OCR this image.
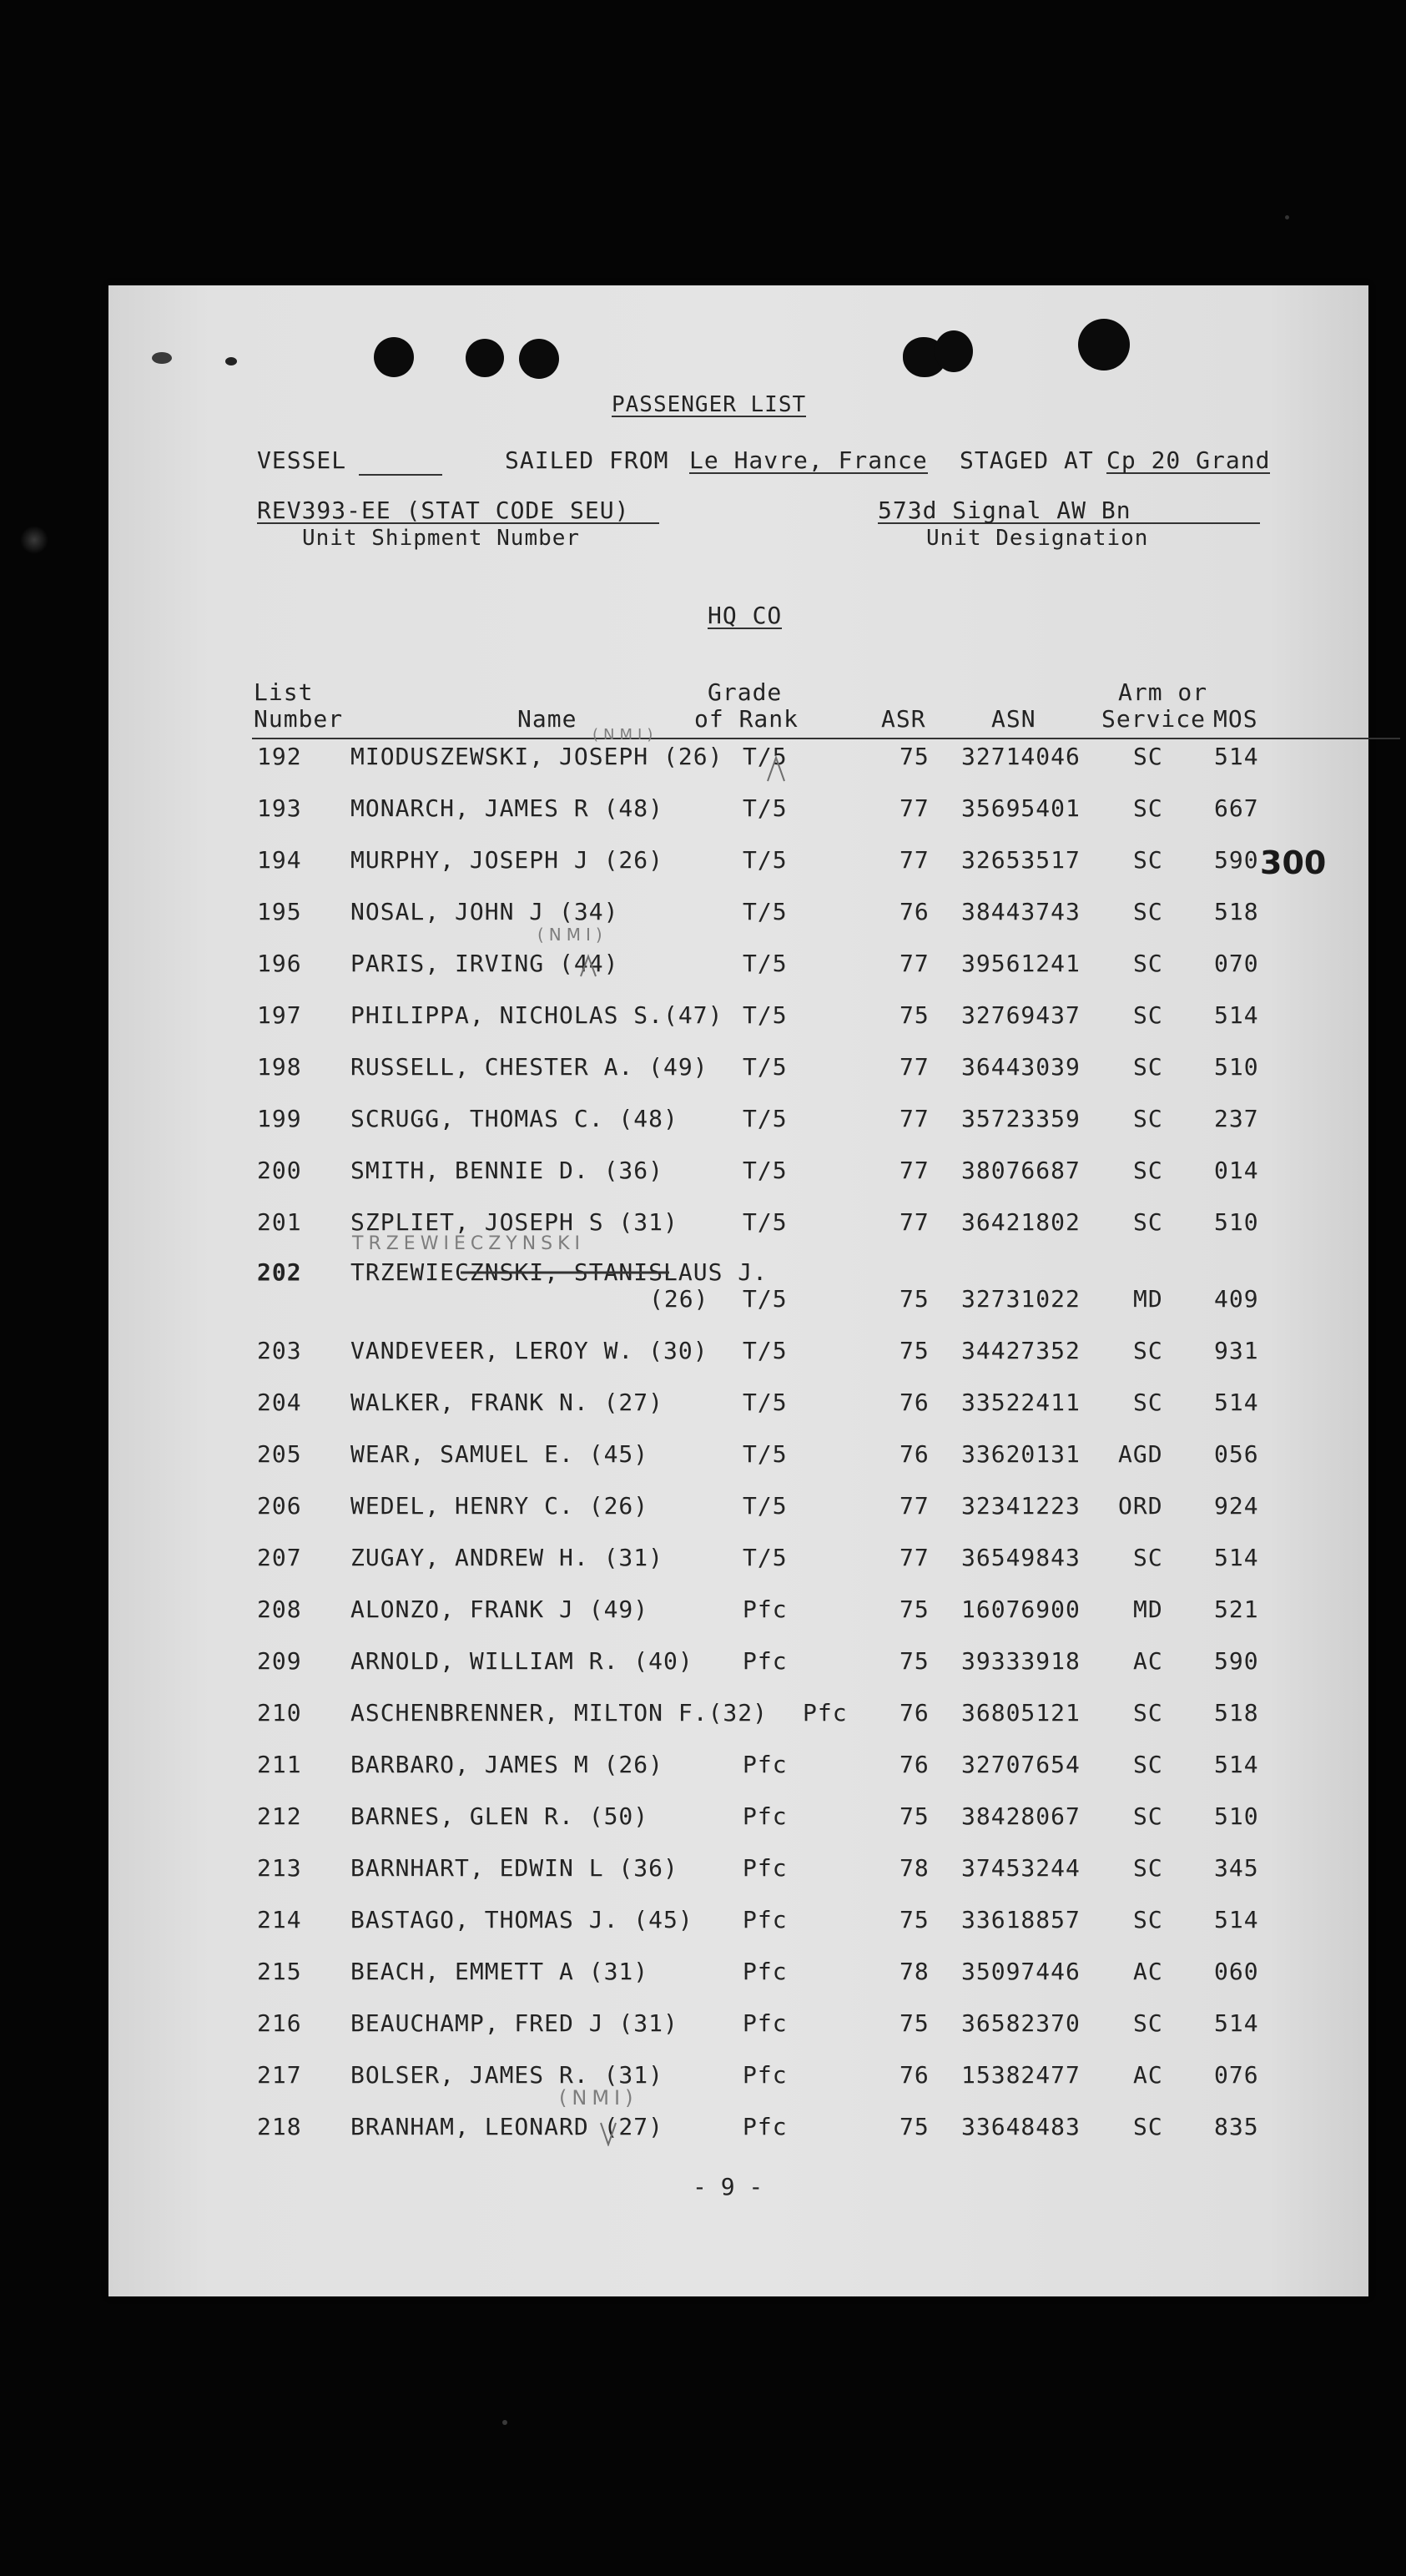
PASSENGER LIST
VESSEL	SAILED FROM Le Havre, France STAGED AT Cp 20 Grand
REV393-EE (STAT CODE SEU)
Unit Shipment Number
573d Signal AW Bn
Unit Designation
HQ CO
List
Number	Name
Grade
of Rank	ASR	ASN
Arm or
Service MOS
192 MIODUSZEWSKI, JOSEPH (26) T/5	75 32714046 SC 514
193 MONARCH, JAMES R (48)	T/5	77 35695401 SC 667
194 MURPHY, JOSEPH J (26)	T/5	77 32653517 SC 590
195 NOSAL, JOHN J (34)	T/5	76 38443743 SC 518
196 PARIS, IRVING (44)	T/5	77 39561241 SC 070
197 PHILIPPA, NICHOLAS S.(47) T/5	75 32769437 SC 514
198 RUSSELL, CHESTER A. (49) T/5	77 36443039 SC 510
199 SCRUGG, THOMAS C. (48)	T/5	77 35723359 SC 237
200 SMITH, BENNIE D. (36)	T/5	77 38076687 SC 014
201 SZPLIET, JOSEPH S (31)	T/5	77 36421802 SC 510
202 TRZEWIECZNSKI, STANISLAUS J.
(26) T/5	75 32731022 MD 409
203 VANDEVEER, LEROY W. (30) T/5	75 34427352 SC 931
204 WALKER, FRANK N. (27)	T/5	76 33522411 SC 514
205 WEAR, SAMUEL E. (45)	T/5	76 33620131 AGD 056
206 WEDEL, HENRY C. (26)	T/5	77 32341223 ORD 924
207 ZUGAY, ANDREW H. (31)	T/5	77 36549843 SC 514
208 ALONZO, FRANK J (49)	Pfc	75 16076900 MD 521
209 ARNOLD, WILLIAM R. (40) Pfc	75 39333918 AC 590
210 ASCHENBRENNER, MILTON F.(32) Pfc 76 36805121 SC 518
211 BARBARO, JAMES M (26)	Pfc	76 32707654 SC 514
212 BARNES, GLEN R. (50)	Pfc	75 38428067 SC 510
213 BARNHART, EDWIN L (36)	Pfc	78 37453244 SC 345
214 BASTAGO, THOMAS J. (45) Pfc	75 33618857 SC 514
215 BEACH, EMMETT A (31)	Pfc	78 35097446 AC 060
216 BEAUCHAMP, FRED J (31)	Pfc	75 36582370 SC 514
217 BOLSER, JAMES R. (31)	Pfc	76 15382477 AC 076
218 BRANHAM, LEONARD (27)	Pfc	75 33648483 SC 835
(NMI)
(NMI)
TRZEWIECZYNSKI
(NMI)
300
- 9 -
